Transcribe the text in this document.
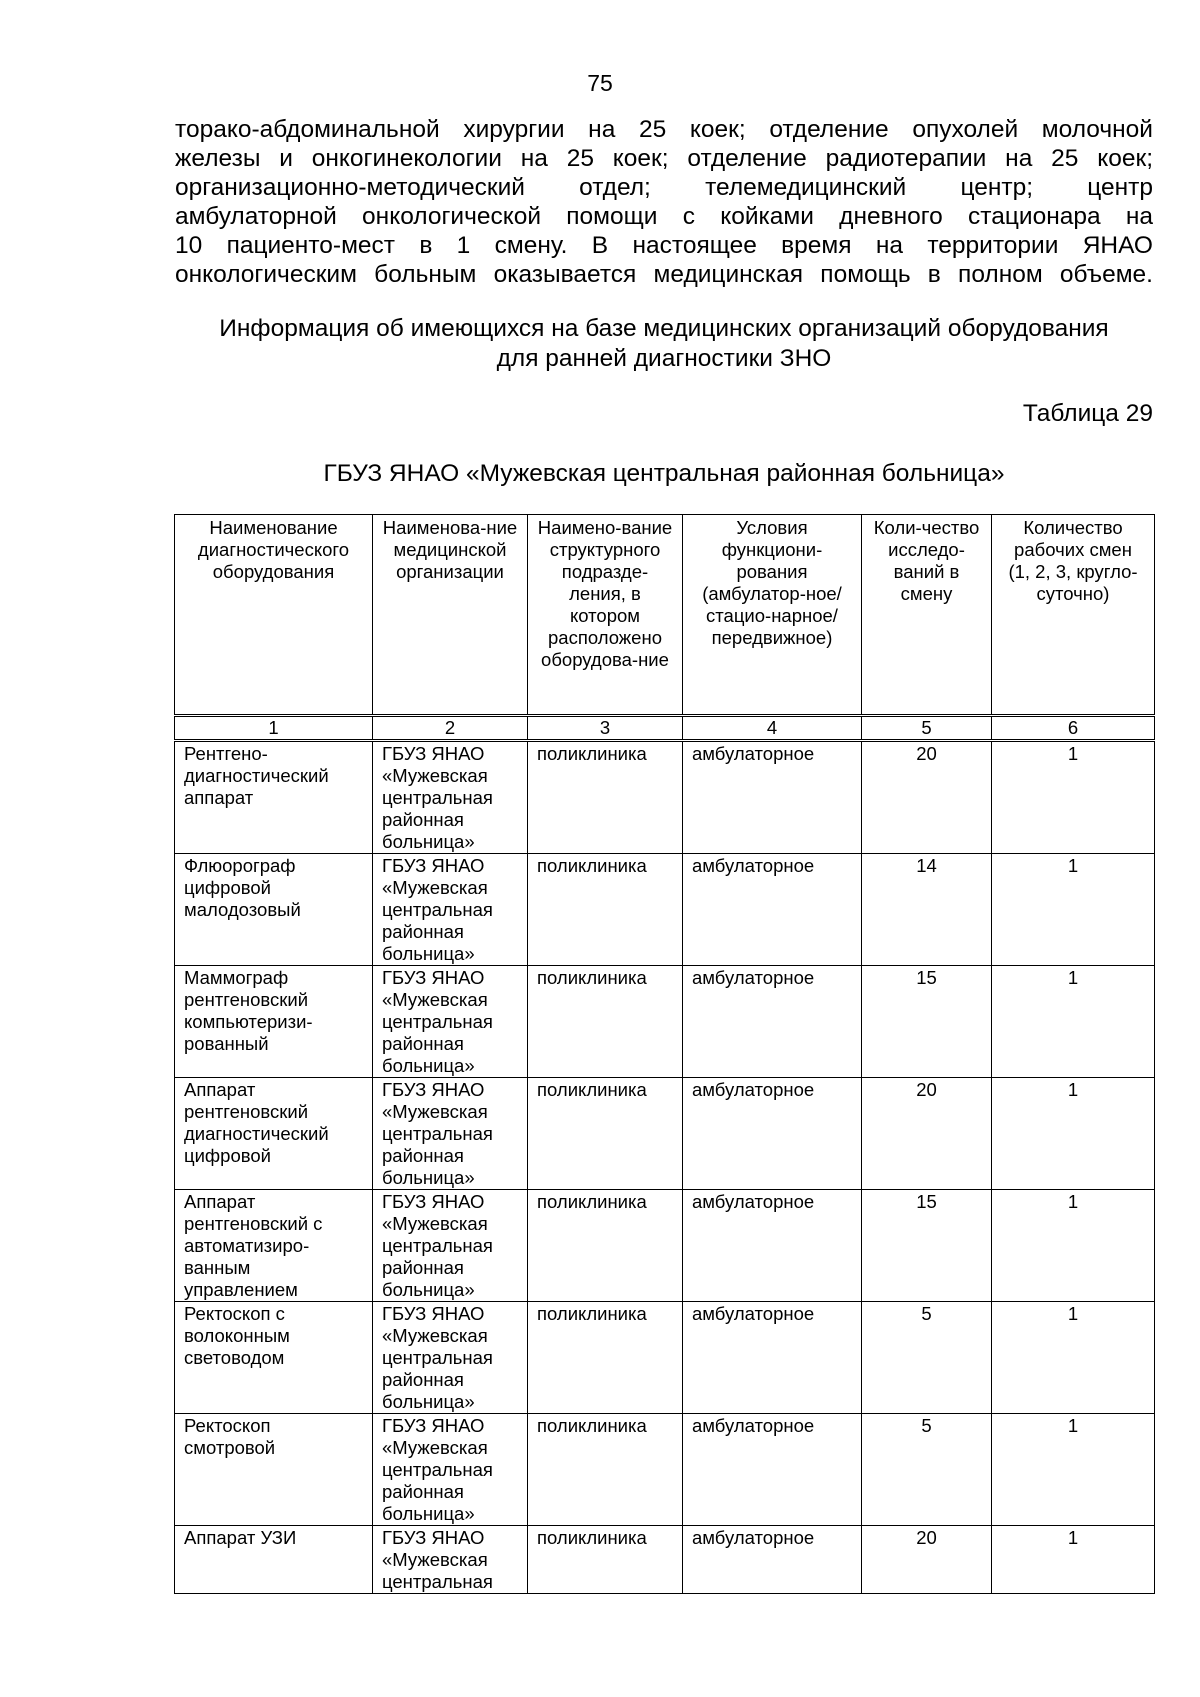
75
торако-абдоминальной хирургии на 25 коек; отделение опухолей молочной
железы и онкогинекологии на 25 коек; отделение радиотерапии на 25 коек;
организационно-методический отдел; телемедицинский центр; центр
амбулаторной онкологической помощи с койками дневного стационара на
10 пациенто-мест в 1 смену. В настоящее время на территории ЯНАО
онкологическим больным оказывается медицинская помощь в полном объеме.
Информация об имеющихся на базе медицинских организаций оборудования
для ранней диагностики ЗНО
Таблица 29
ГБУЗ ЯНАО «Мужевская центральная районная больница»
Наименование диагностического оборудования	Наименова-ние медицинской организации	Наимено-вание структурного подразде-ления, в котором расположено оборудова-ние	Условия функциони-рования (амбулатор-ное/стацио-нарное/ передвижное)	Коли-чество исследо-ваний в смену	Количество рабочих смен (1, 2, 3, кругло-суточно)
1	2	3	4	5	6
Рентгено-диагностический аппарат	ГБУЗ ЯНАО «Мужевская центральная районная больница»	поликлиника	амбулаторное	20	1
Флюорограф цифровой малодозовый	ГБУЗ ЯНАО «Мужевская центральная районная больница»	поликлиника	амбулаторное	14	1
Маммограф рентгеновский компьютеризи-рованный	ГБУЗ ЯНАО «Мужевская центральная районная больница»	поликлиника	амбулаторное	15	1
Аппарат рентгеновский диагностический цифровой	ГБУЗ ЯНАО «Мужевская центральная районная больница»	поликлиника	амбулаторное	20	1
Аппарат рентгеновский с автоматизиро-ванным управлением	ГБУЗ ЯНАО «Мужевская центральная районная больница»	поликлиника	амбулаторное	15	1
Ректоскоп с волоконным световодом	ГБУЗ ЯНАО «Мужевская центральная районная больница»	поликлиника	амбулаторное	5	1
Ректоскоп смотровой	ГБУЗ ЯНАО «Мужевская центральная районная больница»	поликлиника	амбулаторное	5	1
Аппарат УЗИ	ГБУЗ ЯНАО «Мужевская центральная	поликлиника	амбулаторное	20	1
